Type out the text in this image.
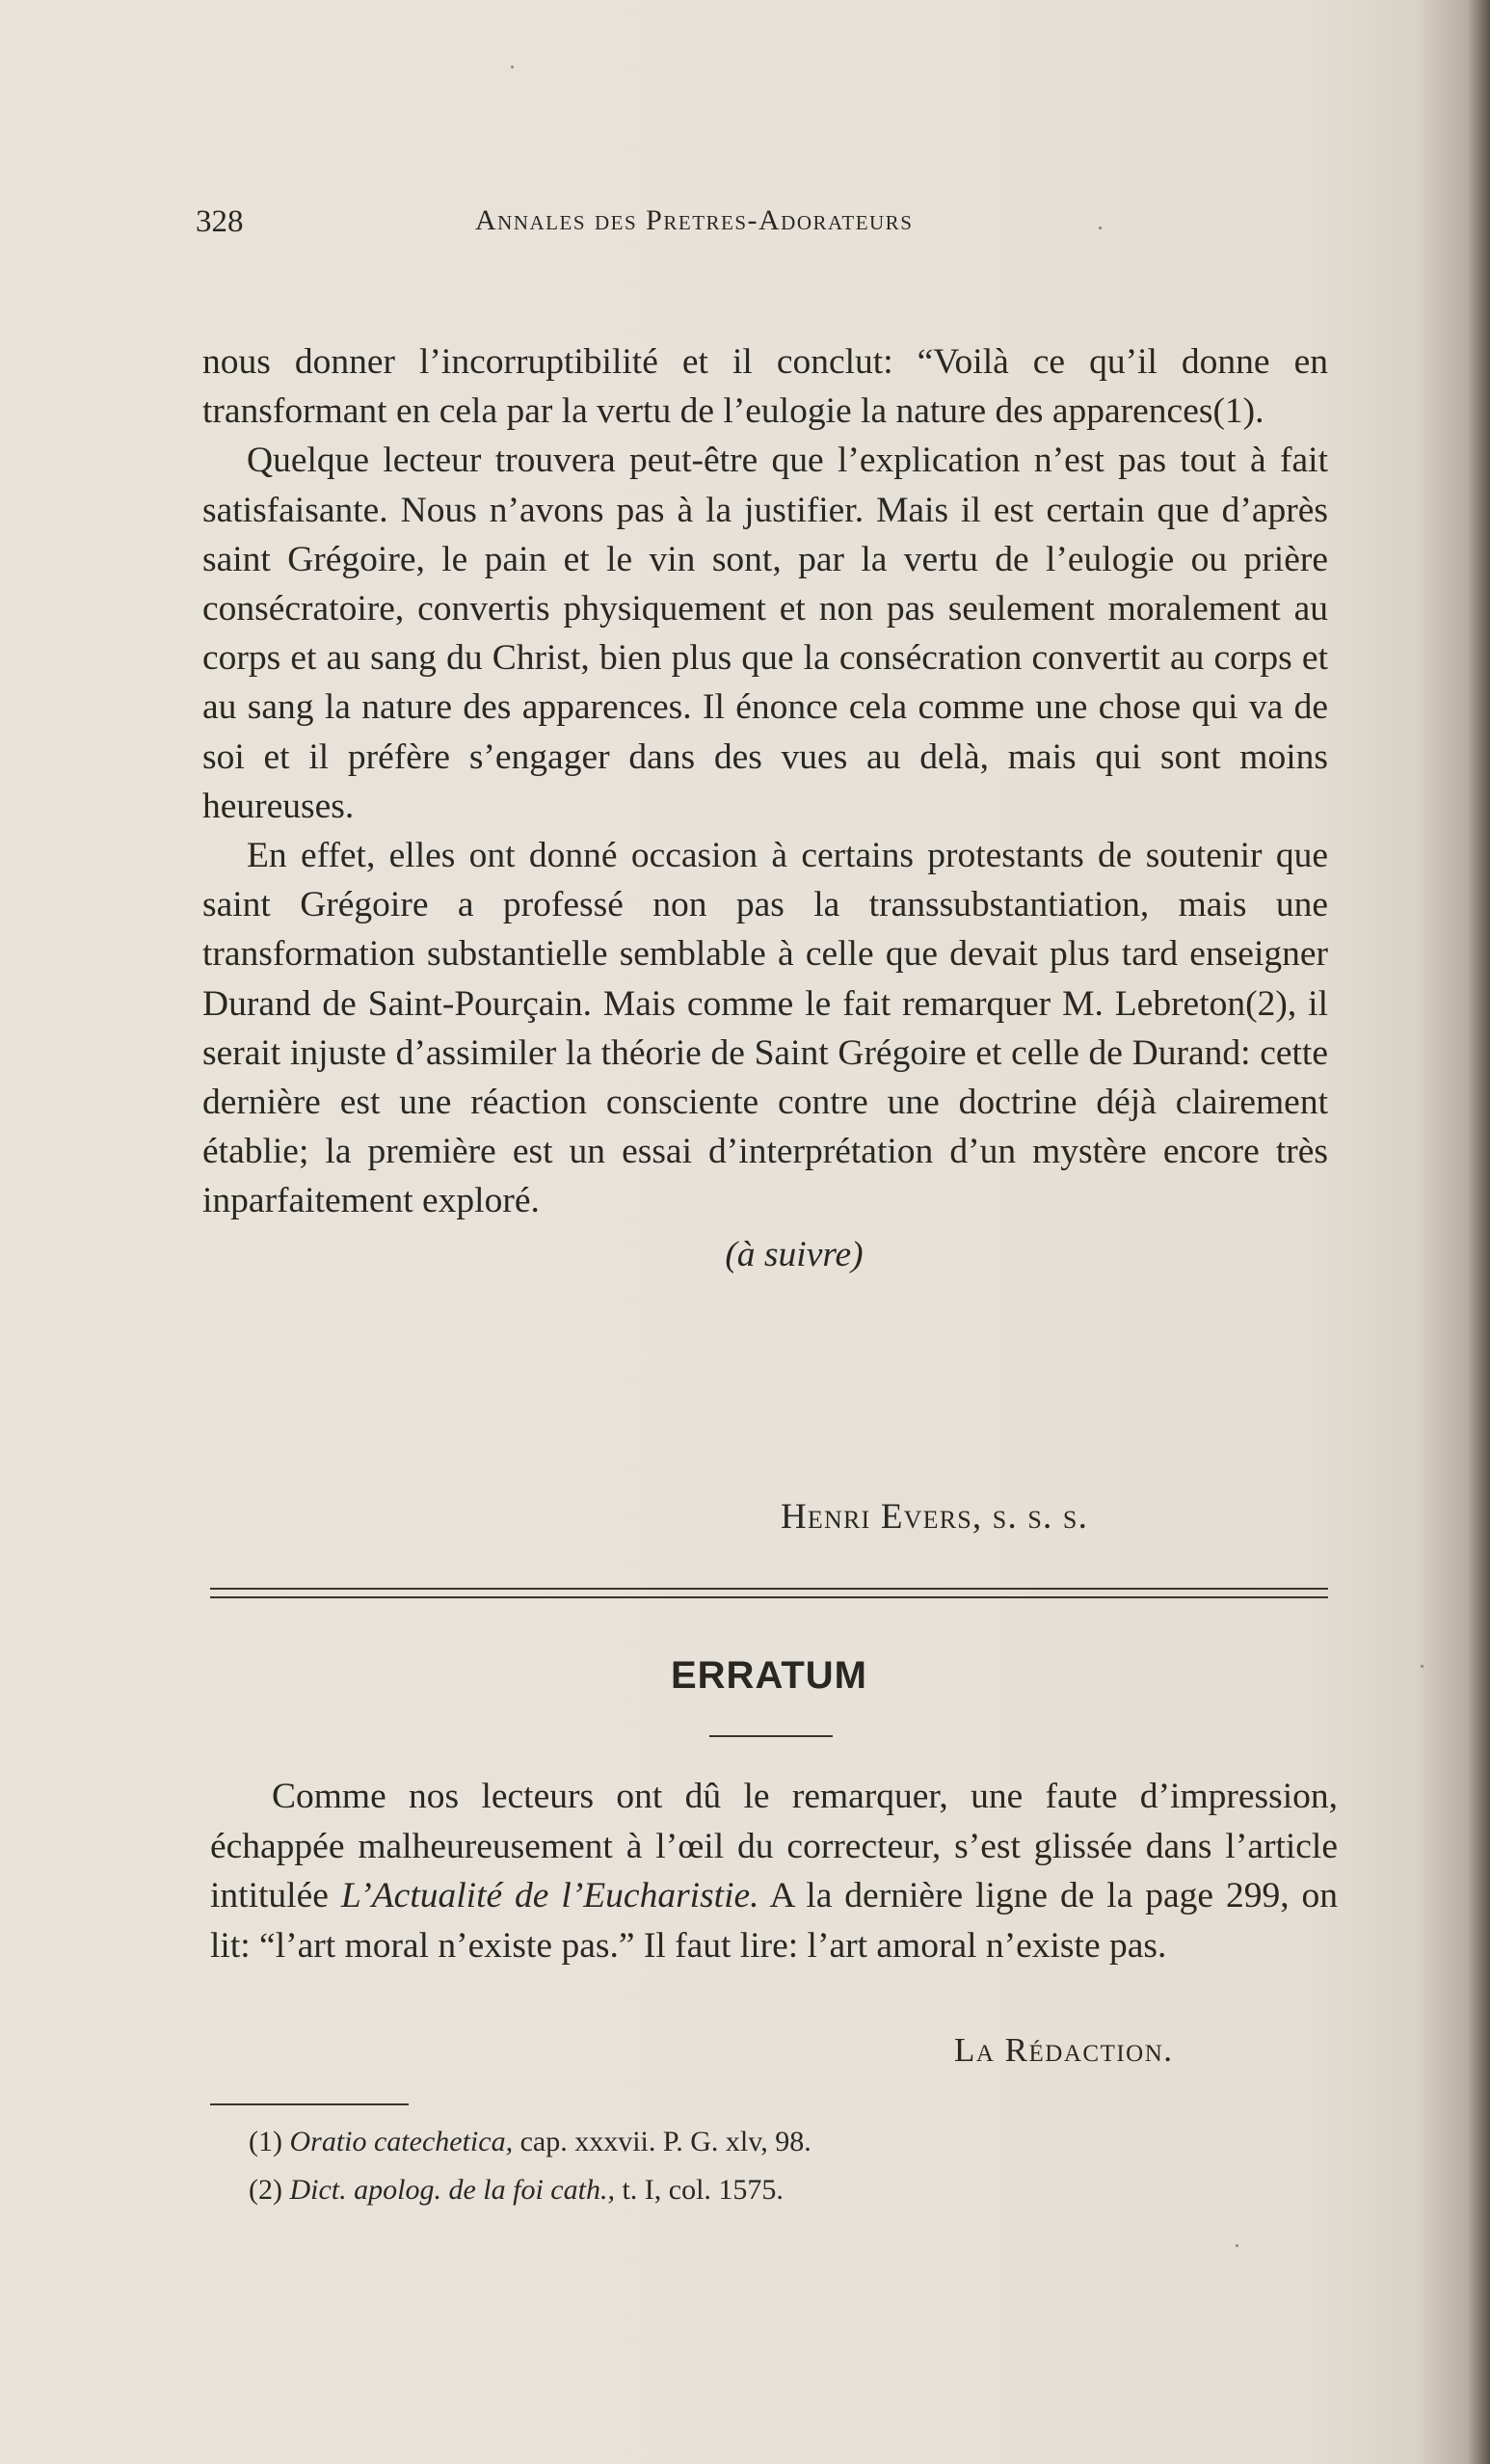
328	Annales des Pretres-Adorateurs

nous donner l’incorruptibilité et il conclut: “Voilà ce qu’il donne en transformant en cela par la vertu de l’eulogie la nature des apparences(1).

Quelque lecteur trouvera peut-être que l’explication n’est pas tout à fait satisfaisante. Nous n’avons pas à la justifier. Mais il est certain que d’après saint Grégoire, le pain et le vin sont, par la vertu de l’eulogie ou prière consécratoire, convertis physiquement et non pas seulement moralement au corps et au sang du Christ, bien plus que la consécration convertit au corps et au sang la nature des apparences. Il énonce cela comme une chose qui va de soi et il préfère s’engager dans des vues au delà, mais qui sont moins heureuses.

En effet, elles ont donné occasion à certains protestants de soutenir que saint Grégoire a professé non pas la transsubstantiation, mais une transformation substantielle semblable à celle que devait plus tard enseigner Durand de Saint-Pourçain. Mais comme le fait remarquer M. Lebreton(2), il serait injuste d’assimiler la théorie de Saint Grégoire et celle de Durand: cette dernière est une réaction consciente contre une doctrine déjà clairement établie; la première est un essai d’interprétation d’un mystère encore très inparfaitement exploré.

(à suivre)

Henri Evers, s. s. s.
ERRATUM

Comme nos lecteurs ont dû le remarquer, une faute d’impression, échappée malheureusement à l’œil du correcteur, s’est glissée dans l’article intitulée L’Actualité de l’Eucharistie. A la dernière ligne de la page 299, on lit: “l’art moral n’existe pas.” Il faut lire: l’art amoral n’existe pas.

La Rédaction.
(1) Oratio catechetica, cap. xxxvii. P. G. xlv, 98.
(2) Dict. apolog. de la foi cath., t. I, col. 1575.
